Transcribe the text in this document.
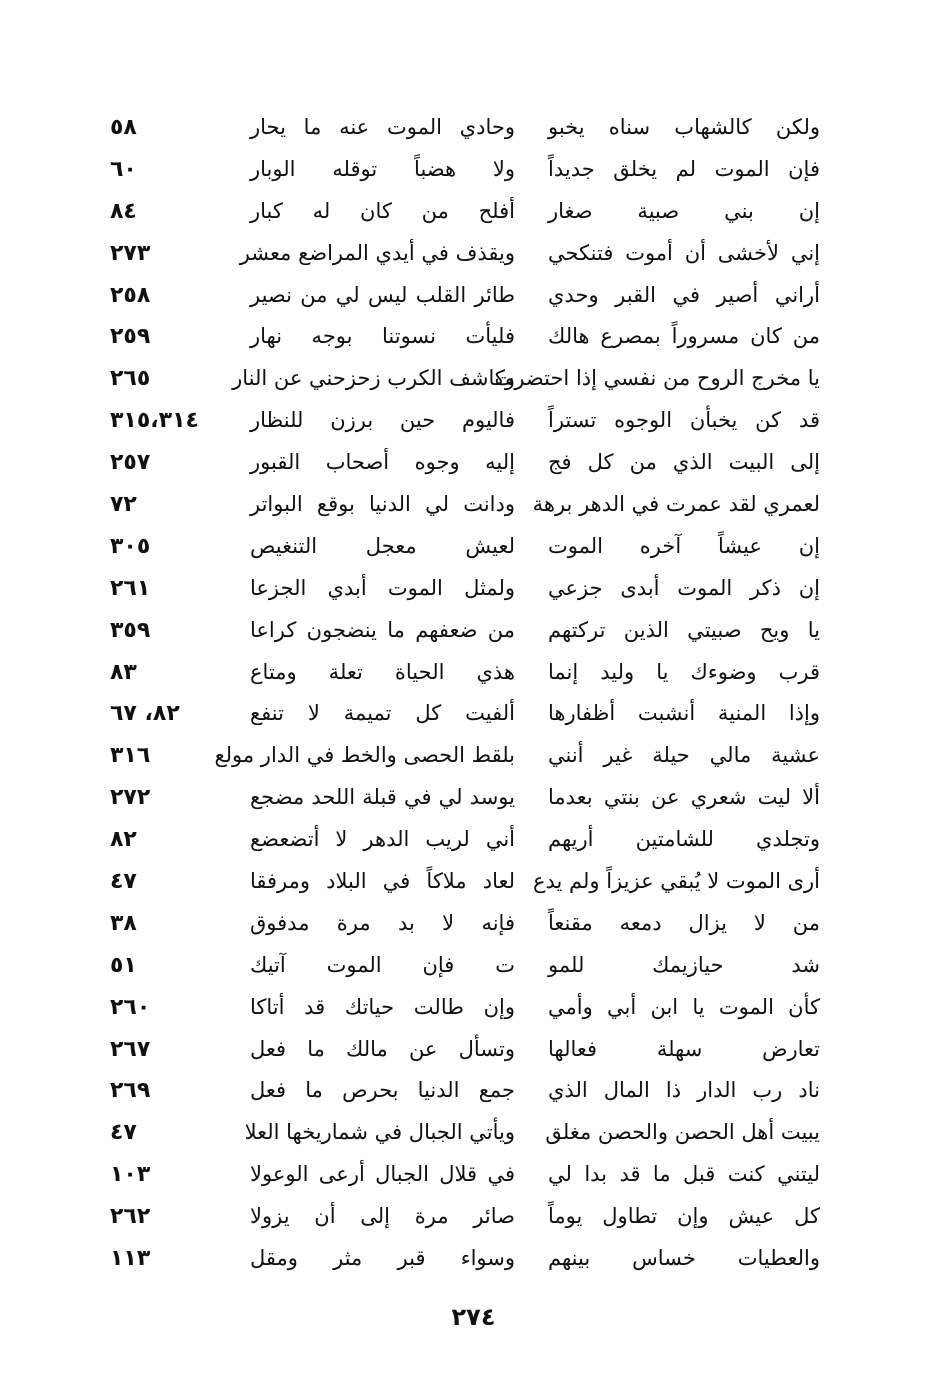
ولكن كالشهاب سناه يخبو
وحادي الموت عنه ما يحار
٥٨
فإن الموت لم يخلق جديداً
ولا هضباً توقله الوبار
٦٠
إن بني صبية صغار
أفلح من كان له كبار
٨٤
إني لأخشى أن أموت فتنكحي
ويقذف في أيدي المراضع معشر
٢٧٣
أراني أصير في القبر وحدي
طائر القلب ليس لي من نصير
٢٥٨
من كان مسروراً بمصرع هالك
فليأت نسوتنا بوجه نهار
٢٥٩
يا مخرج الروح من نفسي إذا احتضرت
وكاشف الكرب زحزحني عن النار
٢٦٥
قد كن يخبأن الوجوه تستراً
فاليوم حين برزن للنظار
٣١٥،٣١٤
إلى البيت الذي من كل فج
إليه وجوه أصحاب القبور
٢٥٧
لعمري لقد عمرت في الدهر برهة
ودانت لي الدنيا بوقع البواتر
٧٢
إن عيشاً آخره الموت
لعيش معجل التنغيص
٣٠٥
إن ذكر الموت أبدى جزعي
ولمثل الموت أبدي الجزعا
٢٦١
يا ويح صبيتي الذين تركتهم
من ضعفهم ما ينضجون كراعا
٣٥٩
قرب وضوءك يا وليد إنما
هذي الحياة تعلة ومتاع
٨٣
وإذا المنية أنشبت أظفارها
ألفيت كل تميمة لا تنفع
٨٢، ٦٧
عشية مالي حيلة غير أنني
بلقط الحصى والخط في الدار مولع
٣١٦
ألا ليت شعري عن بنتي بعدما
يوسد لي في قبلة اللحد مضجع
٢٧٢
وتجلدي للشامتين أريهم
أني لريب الدهر لا أتضعضع
٨٢
أرى الموت لا يُبقي عزيزاً ولم يدع
لعاد ملاكاً في البلاد ومرفقا
٤٧
من لا يزال دمعه مقنعاً
فإنه لا بد مرة مدفوق
٣٨
شد حيازيمك للمو
ت فإن الموت آتيك
٥١
كأن الموت يا ابن أبي وأمي
وإن طالت حياتك قد أتاكا
٢٦٠
تعارض سهلة فعالها
وتسأل عن مالك ما فعل
٢٦٧
ناد رب الدار ذا المال الذي
جمع الدنيا بحرص ما فعل
٢٦٩
يبيت أهل الحصن والحصن مغلق
ويأتي الجبال في شماريخها العلا
٤٧
ليتني كنت قبل ما قد بدا لي
في قلال الجبال أرعى الوعولا
١٠٣
كل عيش وإن تطاول يوماً
صائر مرة إلى أن يزولا
٢٦٢
والعطيات خساس بينهم
وسواء قبر مثر ومقل
١١٣
٢٧٤
